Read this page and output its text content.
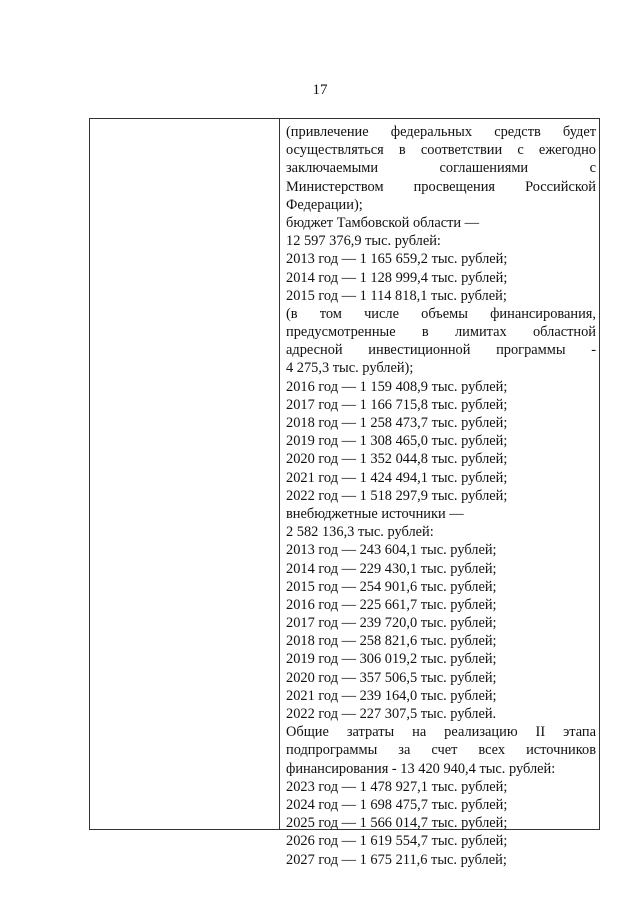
17
(привлечение федеральных средств будет
осуществляться в соответствии с ежегодно
заключаемыми соглашениями с
Министерством просвещения Российской
Федерации);
бюджет Тамбовской области —
12 597 376,9 тыс. рублей:
2013 год — 1 165 659,2 тыс. рублей;
2014 год — 1 128 999,4 тыс. рублей;
2015 год — 1 114 818,1 тыс. рублей;
(в том числе объемы финансирования,
предусмотренные в лимитах областной
адресной инвестиционной программы -
4 275,3 тыс. рублей);
2016 год — 1 159 408,9 тыс. рублей;
2017 год — 1 166 715,8 тыс. рублей;
2018 год — 1 258 473,7 тыс. рублей;
2019 год — 1 308 465,0 тыс. рублей;
2020 год — 1 352 044,8 тыс. рублей;
2021 год — 1 424 494,1 тыс. рублей;
2022 год — 1 518 297,9 тыс. рублей;
внебюджетные источники —
2 582 136,3 тыс. рублей:
2013 год — 243 604,1 тыс. рублей;
2014 год — 229 430,1 тыс. рублей;
2015 год — 254 901,6 тыс. рублей;
2016 год — 225 661,7 тыс. рублей;
2017 год — 239 720,0 тыс. рублей;
2018 год — 258 821,6 тыс. рублей;
2019 год — 306 019,2 тыс. рублей;
2020 год — 357 506,5 тыс. рублей;
2021 год — 239 164,0 тыс. рублей;
2022 год — 227 307,5 тыс. рублей.
Общие затраты на реализацию II этапа
подпрограммы за счет всех источников
финансирования - 13 420 940,4 тыс. рублей:
2023 год — 1 478 927,1 тыс. рублей;
2024 год — 1 698 475,7 тыс. рублей;
2025 год — 1 566 014,7 тыс. рублей;
2026 год — 1 619 554,7 тыс. рублей;
2027 год — 1 675 211,6 тыс. рублей;
